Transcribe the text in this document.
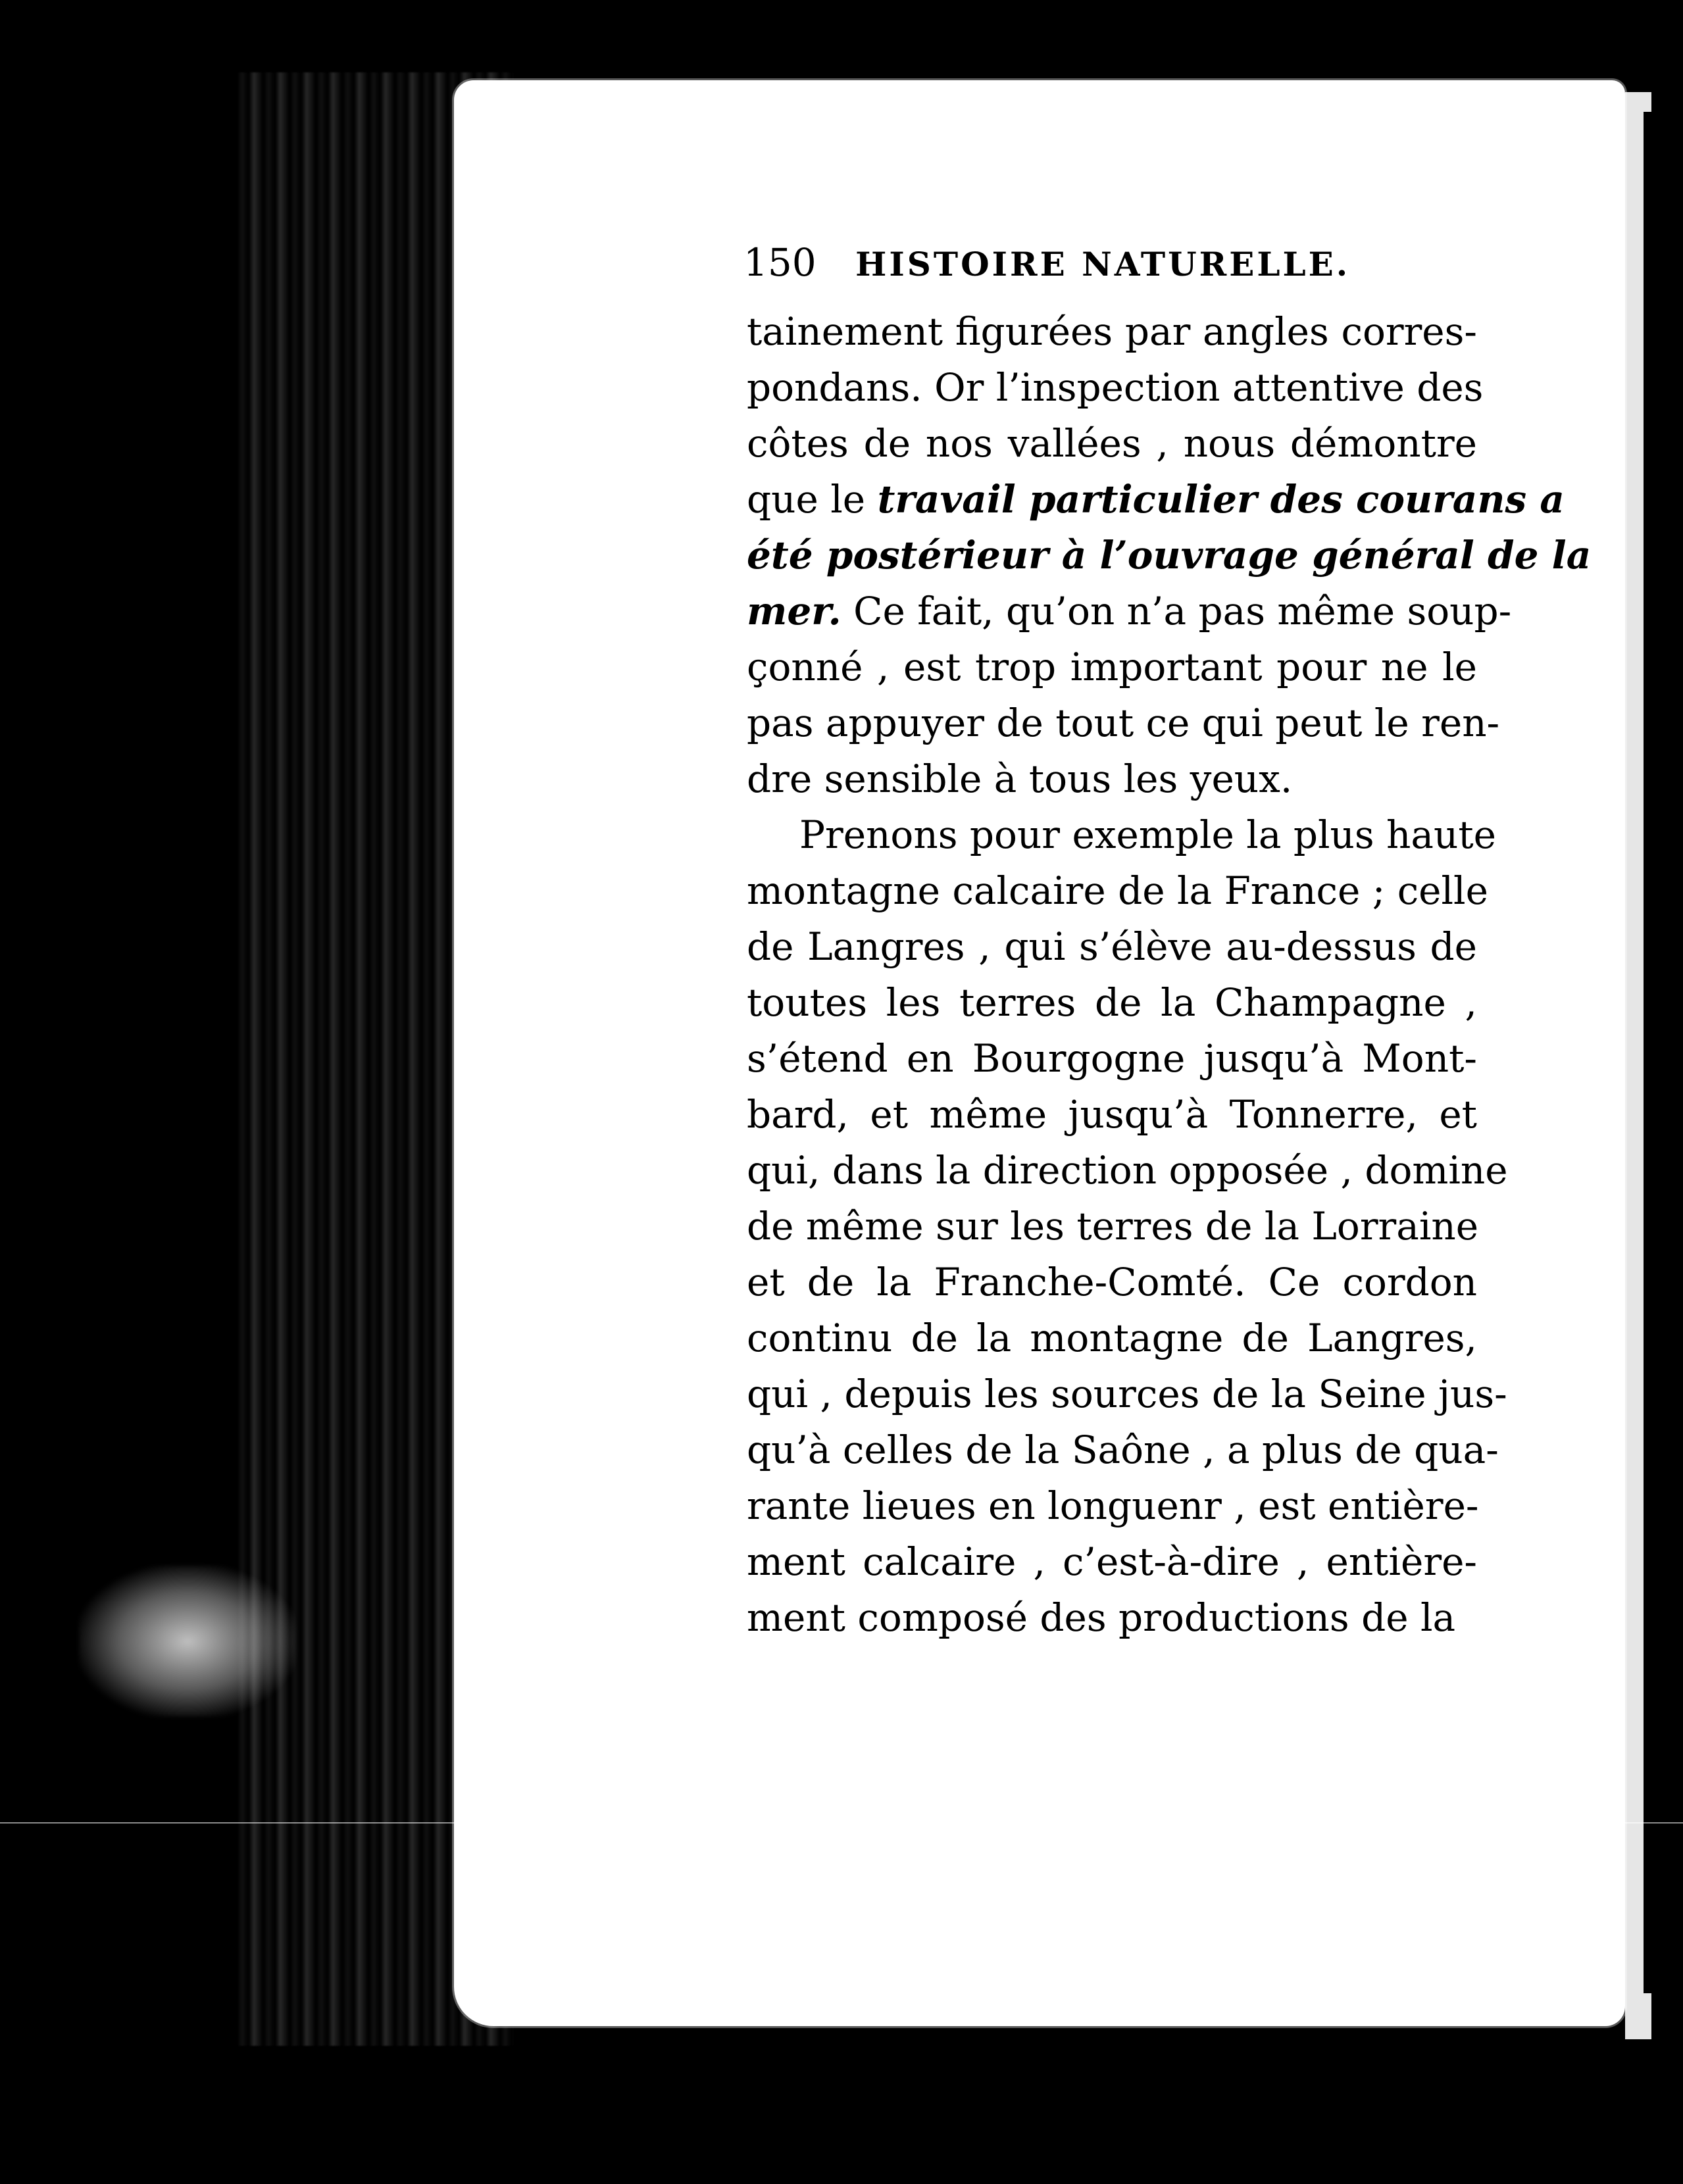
150 HISTOIRE NATURELLE.
tainement figurées par angles corres-
pondans. Or l’inspection attentive des
côtes de nos vallées , nous démontre
que le travail particulier des courans a
été postérieur à l’ouvrage général de la
mer. Ce fait, qu’on n’a pas même soup-
çonné , est trop important pour ne le
pas appuyer de tout ce qui peut le ren-
dre sensible à tous les yeux.
Prenons pour exemple la plus haute
montagne calcaire de la France ; celle
de Langres , qui s’élève au-dessus de
toutes les terres de la Champagne ,
s’étend en Bourgogne jusqu’à Mont-
bard, et même jusqu’à Tonnerre, et
qui, dans la direction opposée , domine
de même sur les terres de la Lorraine
et de la Franche-Comté. Ce cordon
continu de la montagne de Langres,
qui , depuis les sources de la Seine jus-
qu’à celles de la Saône , a plus de qua-
rante lieues en longuenr , est entière-
ment calcaire , c’est-à-dire , entière-
ment composé des productions de la
